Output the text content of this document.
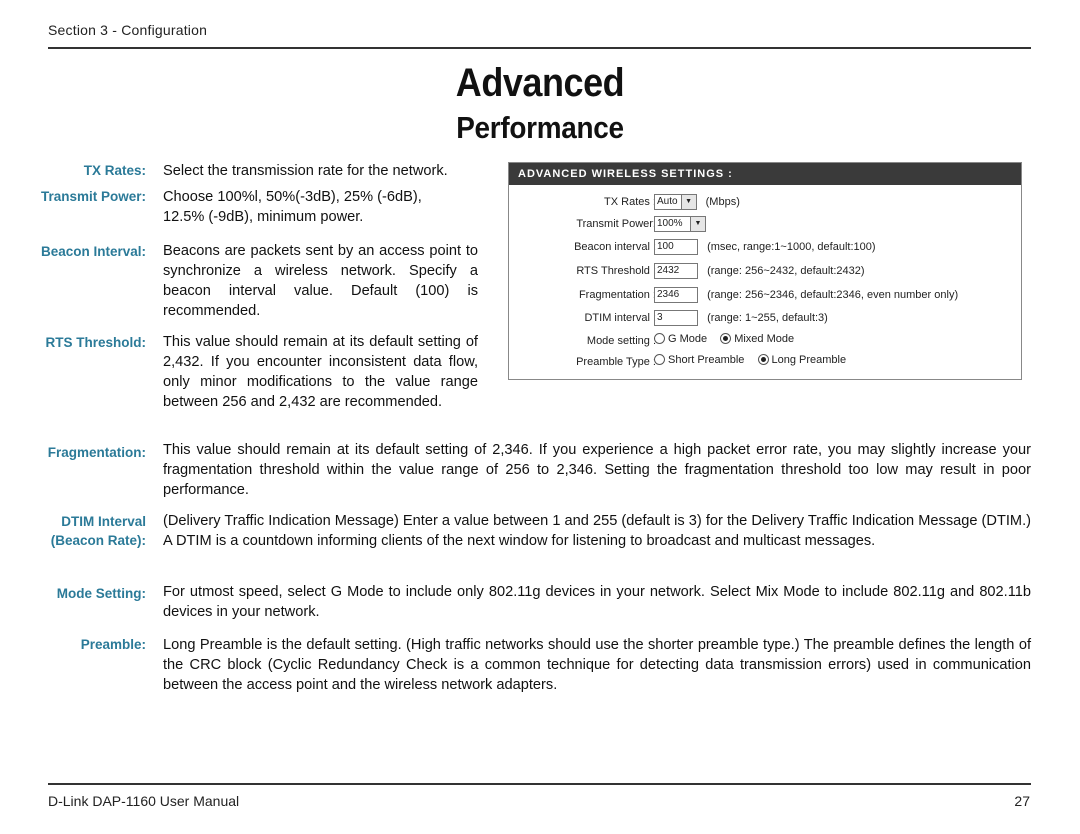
Section 3 - Configuration
Advanced
Performance
TX Rates: Select the transmission rate for the network.
Transmit Power: Choose 100%l, 50%(-3dB), 25% (-6dB), 12.5% (-9dB), minimum power.
Beacon Interval: Beacons are packets sent by an access point to synchronize a wireless network. Specify a beacon interval value. Default (100) is recommended.
RTS Threshold: This value should remain at its default setting of 2,432. If you encounter inconsistent data flow, only minor modifications to the value range between 256 and 2,432 are recommended.
Fragmentation: This value should remain at its default setting of 2,346. If you experience a high packet error rate, you may slightly increase your fragmentation threshold within the value range of 256 to 2,346. Setting the fragmentation threshold too low may result in poor performance.
DTIM Interval
(Beacon Rate):
(Delivery Traffic Indication Message) Enter a value between 1 and 255 (default is 3) for the Delivery Traffic Indication Message (DTIM.) A DTIM is a countdown informing clients of the next window for listening to broadcast and multicast messages.
Mode Setting: For utmost speed, select G Mode to include only 802.11g devices in your network. Select Mix Mode to include 802.11g and 802.11b devices in your network.
Preamble: Long Preamble is the default setting. (High traffic networks should use the shorter preamble type.) The preamble defines the length of the CRC block (Cyclic Redundancy Check is a common technique for detecting data transmission errors) used in communication between the access point and the wireless network adapters.
ADVANCED WIRELESS SETTINGS :
TX Rates : Auto ▼ (Mbps)
Transmit Power: 100% ▼
Beacon interval : 100	(msec, range:1~1000, default:100)
RTS Threshold : 2432	(range: 256~2432, default:2432)
Fragmentation : 2346	(range: 256~2346, default:2346, even number only)
DTIM interval : 3	(range: 1~255, default:3)
Mode setting :	G Mode Mixed Mode
Preamble Type :	Short Preamble Long Preamble
D-Link DAP-1160 User Manual	27
